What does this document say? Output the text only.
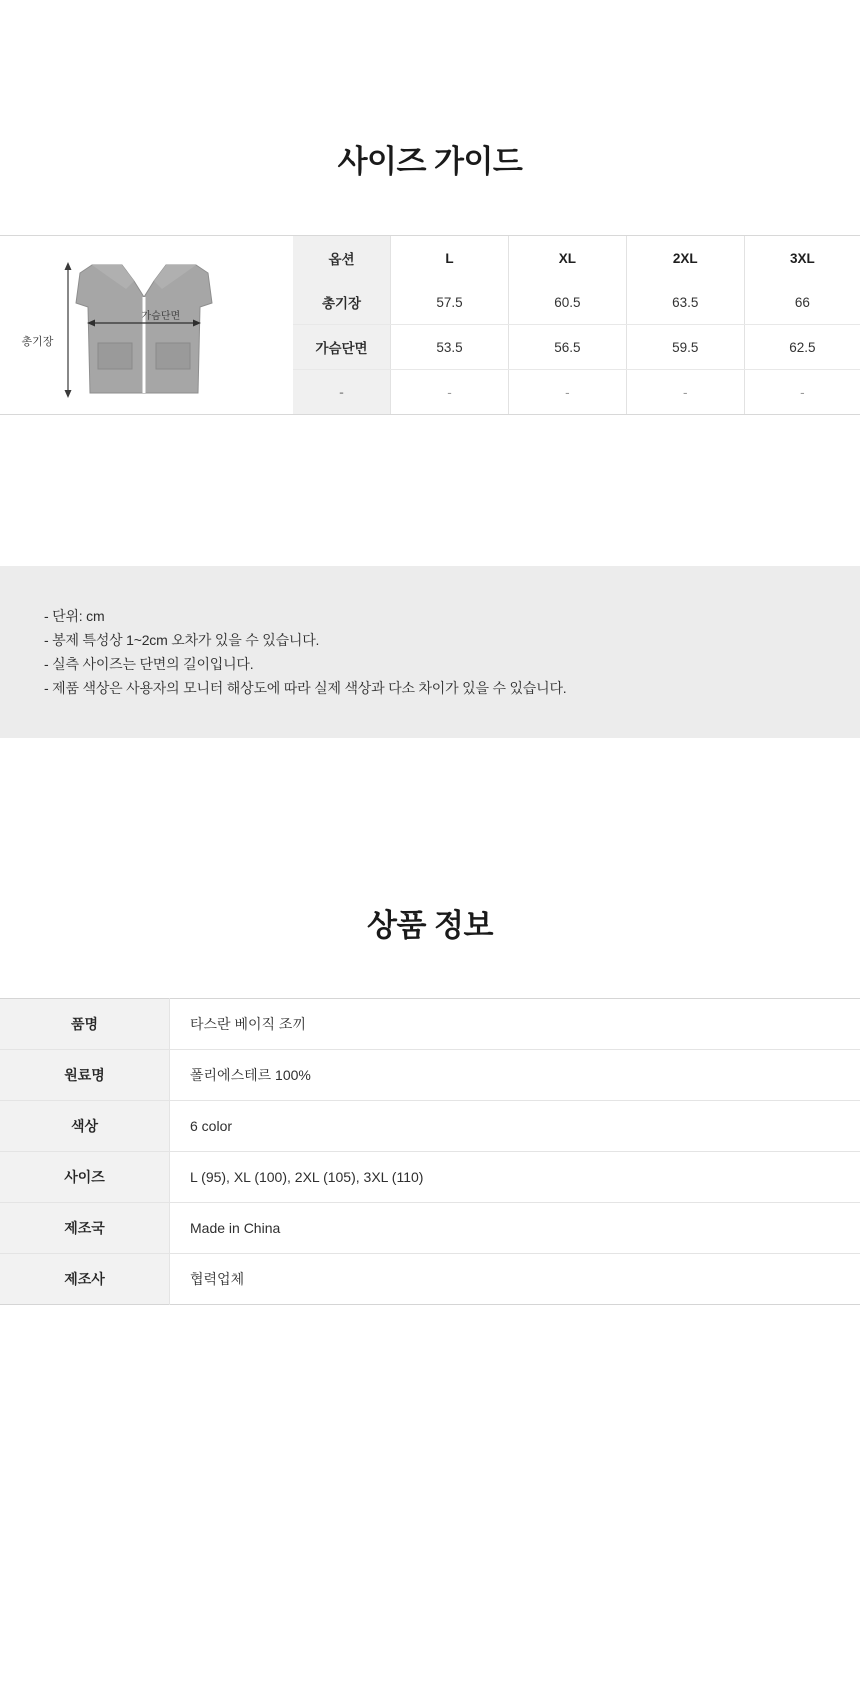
사이즈 가이드
총기장
가슴단면
옵션	L	XL	2XL	3XL
총기장	57.5	60.5	63.5	66
가슴단면	53.5	56.5	59.5	62.5
-	-	-	-	-
- 단위: cm
- 봉제 특성상 1~2cm 오차가 있을 수 있습니다.
- 실측 사이즈는 단면의 길이입니다.
- 제품 색상은 사용자의 모니터 해상도에 따라 실제 색상과 다소 차이가 있을 수 있습니다.
상품 정보
품명	타스란 베이직 조끼
원료명	폴리에스테르 100%
색상	6 color
사이즈	L (95), XL (100), 2XL (105), 3XL (110)
제조국	Made in China
제조사	협력업체
